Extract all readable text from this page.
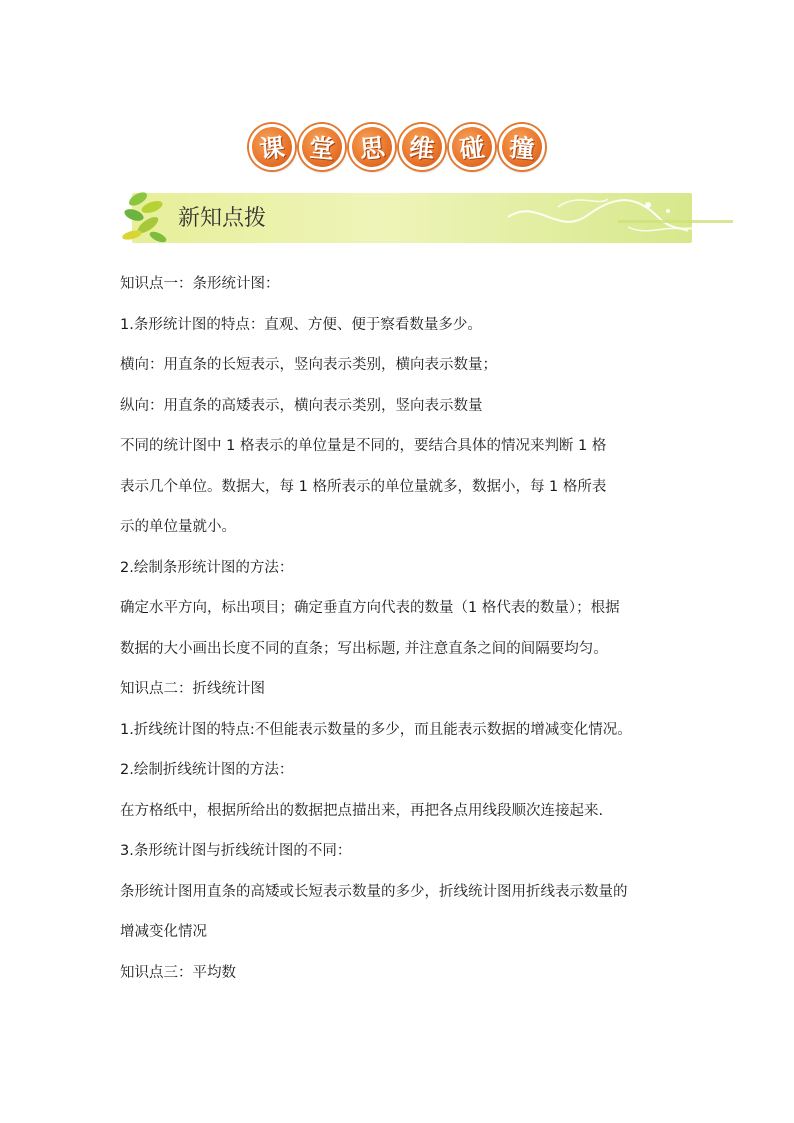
课 堂 思 维 碰 撞
新知点拨

知识点一：条形统计图：

1.条形统计图的特点：直观、方便、便于察看数量多少。

横向：用直条的长短表示，竖向表示类别，横向表示数量；

纵向：用直条的高矮表示，横向表示类别，竖向表示数量

不同的统计图中 1 格表示的单位量是不同的，要结合具体的情况来判断 1 格

表示几个单位。数据大，每 1 格所表示的单位量就多，数据小，每 1 格所表

示的单位量就小。

2.绘制条形统计图的方法：

确定水平方向，标出项目；确定垂直方向代表的数量（1 格代表的数量）；根据

数据的大小画出长度不同的直条；写出标题, 并注意直条之间的间隔要均匀。

知识点二：折线统计图

1.折线统计图的特点:不但能表示数量的多少，而且能表示数据的增减变化情况。

2.绘制折线统计图的方法：

在方格纸中，根据所给出的数据把点描出来，再把各点用线段顺次连接起来.

3.条形统计图与折线统计图的不同：

条形统计图用直条的高矮或长短表示数量的多少，折线统计图用折线表示数量的

增减变化情况

知识点三：平均数
